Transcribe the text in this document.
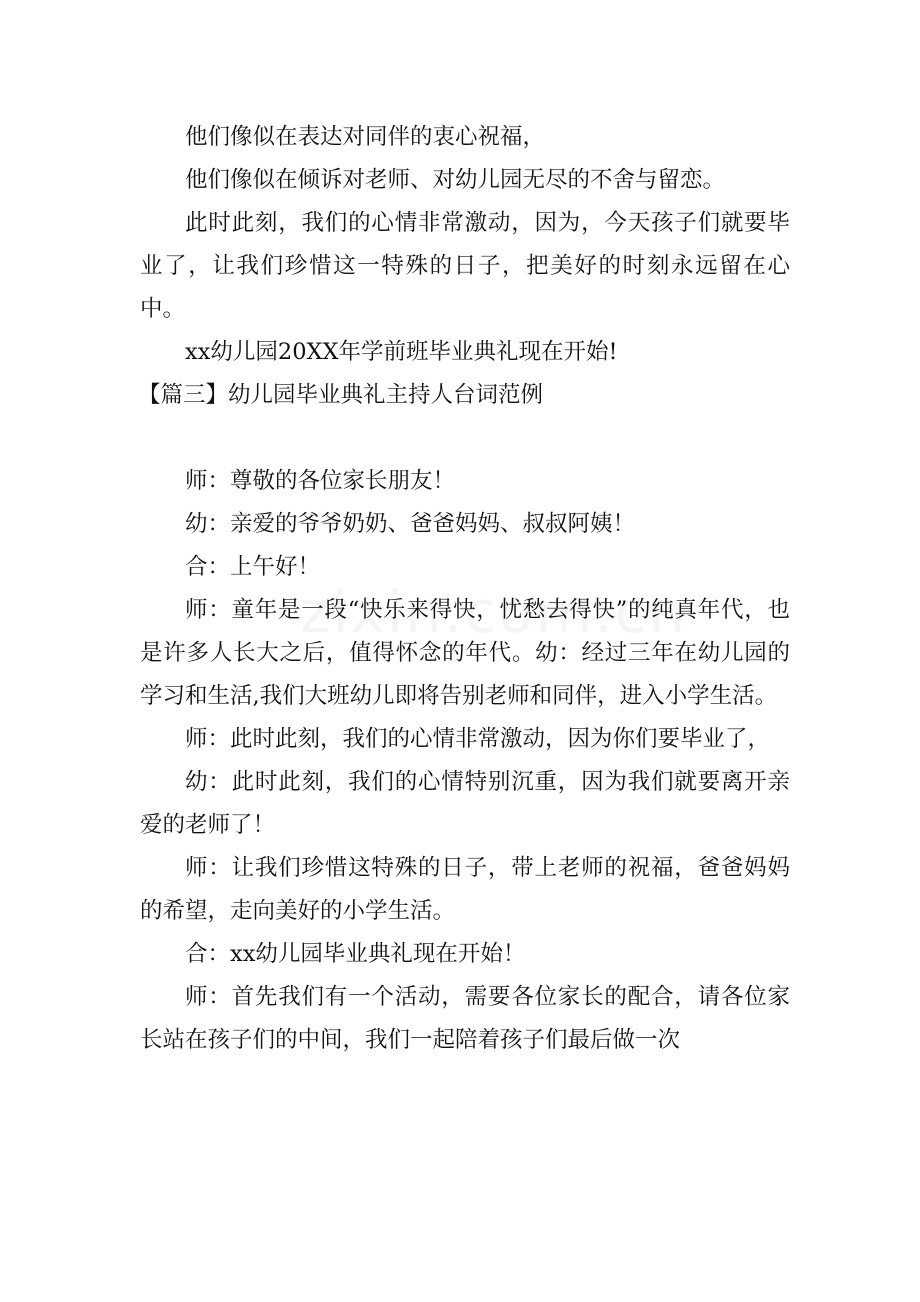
他们像似在表达对同伴的衷心祝福，

他们像似在倾诉对老师、对幼儿园无尽的不舍与留恋。

此时此刻，我们的心情非常激动，因为，今天孩子们就要毕业了，让我们珍惜这一特殊的日子，把美好的时刻永远留在心中。

xx幼儿园20XX年学前班毕业典礼现在开始!

【篇三】幼儿园毕业典礼主持人台词范例

师：尊敬的各位家长朋友！

幼：亲爱的爷爷奶奶、爸爸妈妈、叔叔阿姨！

合：上午好！

师：童年是一段“快乐来得快，忧愁去得快”的纯真年代，也是许多人长大之后，值得怀念的年代。幼：经过三年在幼儿园的学习和生活,我们大班幼儿即将告别老师和同伴，进入小学生活。

师：此时此刻，我们的心情非常激动，因为你们要毕业了，

幼：此时此刻，我们的心情特别沉重，因为我们就要离开亲爱的老师了！

师：让我们珍惜这特殊的日子，带上老师的祝福，爸爸妈妈的希望，走向美好的小学生活。

合：xx幼儿园毕业典礼现在开始！

师：首先我们有一个活动，需要各位家长的配合，请各位家长站在孩子们的中间，我们一起陪着孩子们最后做一次
